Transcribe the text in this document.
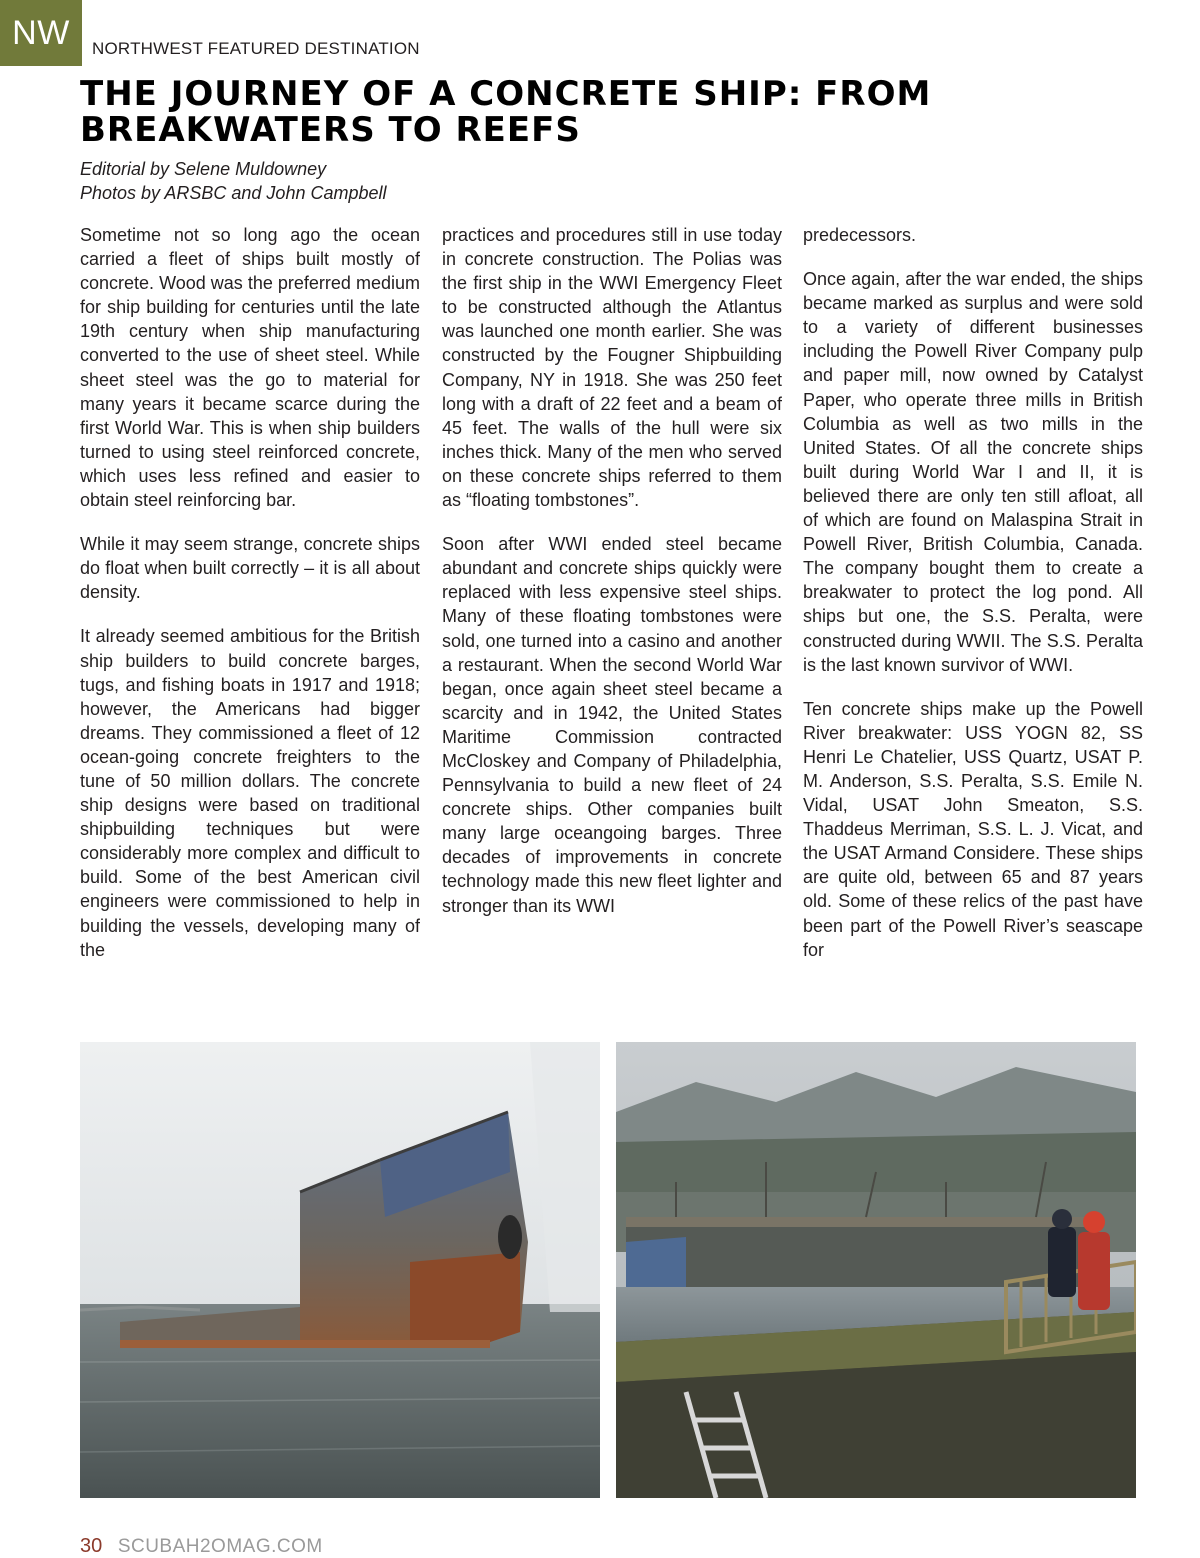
NW	NORTHWEST FEATURED DESTINATION
THE JOURNEY OF A CONCRETE SHIP: FROM BREAKWATERS TO REEFS
Editorial by Selene Muldowney
Photos by ARSBC and John Campbell

Sometime not so long ago the ocean carried a fleet of ships built mostly of concrete. Wood was the preferred medium for ship building for centuries until the late 19th century when ship manufacturing converted to the use of sheet steel. While sheet steel was the go to material for many years it became scarce during the first World War. This is when ship builders turned to using steel reinforced concrete, which uses less refined and easier to obtain steel reinforcing bar.

While it may seem strange, concrete ships do float when built correctly – it is all about density.

It already seemed ambitious for the British ship builders to build concrete barges, tugs, and fishing boats in 1917 and 1918; however, the Americans had bigger dreams. They commissioned a fleet of 12 ocean-going concrete freighters to the tune of 50 million dollars. The concrete ship designs were based on traditional shipbuilding techniques but were considerably more complex and difficult to build. Some of the best American civil engineers were commissioned to help in building the vessels, developing many of the

practices and procedures still in use today in concrete construction. The Polias was the first ship in the WWI Emergency Fleet to be constructed although the Atlantus was launched one month earlier. She was constructed by the Fougner Shipbuilding Company, NY in 1918. She was 250 feet long with a draft of 22 feet and a beam of 45 feet. The walls of the hull were six inches thick. Many of the men who served on these concrete ships referred to them as “floating tombstones”.

Soon after WWI ended steel became abundant and concrete ships quickly were replaced with less expensive steel ships. Many of these floating tombstones were sold, one turned into a casino and another a restaurant. When the second World War began, once again sheet steel became a scarcity and in 1942, the United States Maritime Commission contracted McCloskey and Company of Philadelphia, Pennsylvania to build a new fleet of 24 concrete ships. Other companies built many large oceangoing barges. Three decades of improvements in concrete technology made this new fleet lighter and stronger than its WWI

predecessors.

Once again, after the war ended, the ships became marked as surplus and were sold to a variety of different businesses including the Powell River Company pulp and paper mill, now owned by Catalyst Paper, who operate three mills in British Columbia as well as two mills in the United States. Of all the concrete ships built during World War I and II, it is believed there are only ten still afloat, all of which are found on Malaspina Strait in Powell River, British Columbia, Canada. The company bought them to create a breakwater to protect the log pond. All ships but one, the S.S. Peralta, were constructed during WWII. The S.S. Peralta is the last known survivor of WWI.

Ten concrete ships make up the Powell River breakwater: USS YOGN 82, SS Henri Le Chatelier, USS Quartz, USAT P. M. Anderson, S.S. Peralta, S.S. Emile N. Vidal, USAT John Smeaton, S.S. Thaddeus Merriman, S.S. L. J. Vicat, and the USAT Armand Considere. These ships are quite old, between 65 and 87 years old. Some of these relics of the past have been part of the Powell River’s seascape for

30 SCUBAH2OMAG.COM
